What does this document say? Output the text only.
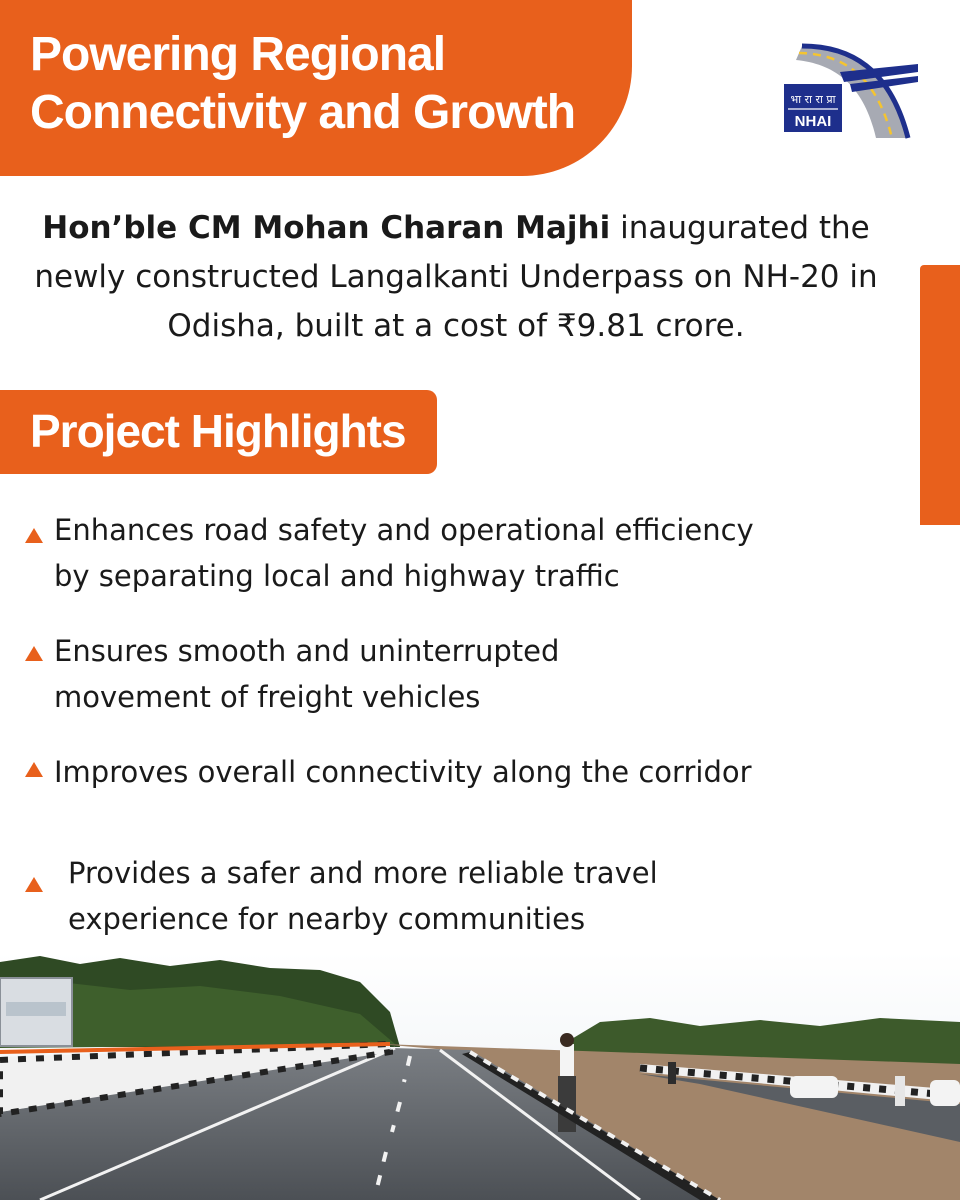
Powering Regional Connectivity and Growth	भा रा रा प्रा
NHAI

Hon’ble CM Mohan Charan Majhi inaugurated the newly constructed Langalkanti Underpass on NH-20 in Odisha, built at a cost of ₹9.81 crore.

Project Highlights
Enhances road safety and operational efficiency
by separating local and highway traffic
Ensures smooth and uninterrupted
movement of freight vehicles
Improves overall connectivity along the corridor
Provides a safer and more reliable travel
experience for nearby communities
